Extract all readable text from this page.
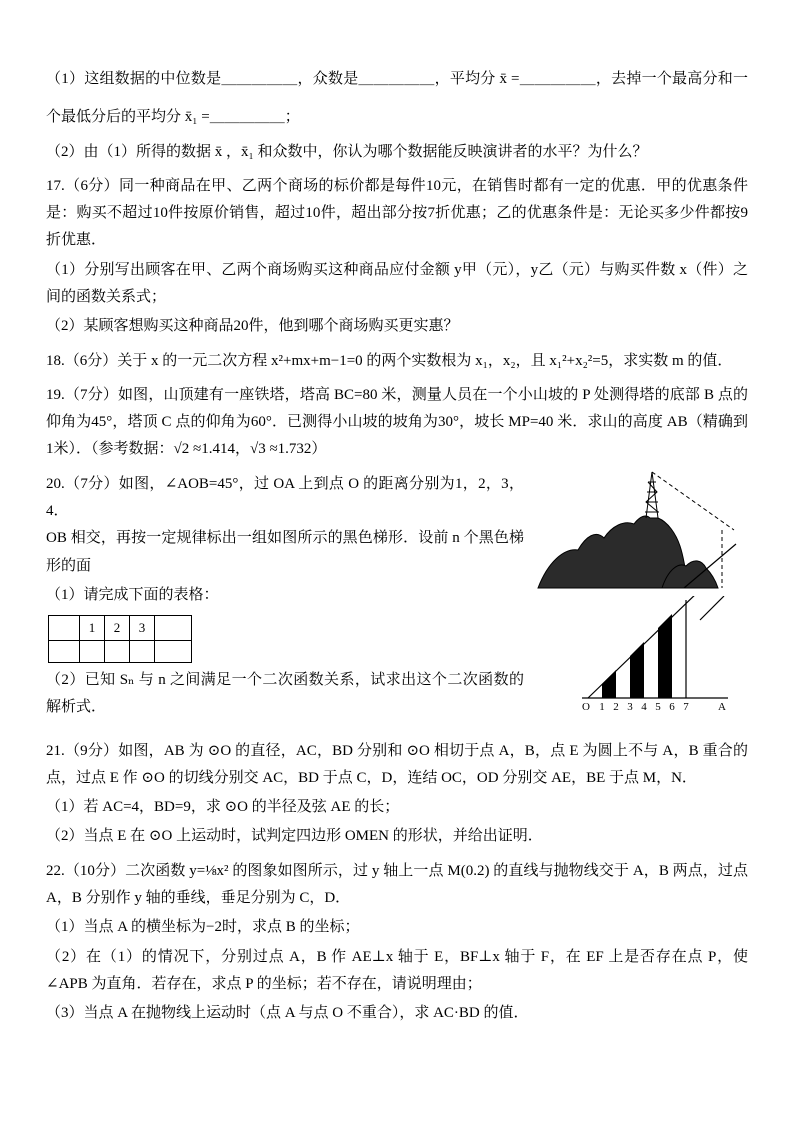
（1）这组数据的中位数是＿＿＿＿＿，众数是＿＿＿＿＿，平均分 x̄ =＿＿＿＿＿，去掉一个最高分和一个最低分后的平均分 x̄₁ =＿＿＿＿＿；

（2）由（1）所得的数据 x̄ ，x̄₁ 和众数中，你认为哪个数据能反映演讲者的水平？为什么？

17.（6分）同一种商品在甲、乙两个商场的标价都是每件10元，在销售时都有一定的优惠．甲的优惠条件是：购买不超过10件按原价销售，超过10件，超出部分按7折优惠；乙的优惠条件是：无论买多少件都按9折优惠．

（1）分别写出顾客在甲、乙两个商场购买这种商品应付金额 y甲（元），y乙（元）与购买件数 x（件）之间的函数关系式；

（2）某顾客想购买这种商品20件，他到哪个商场购买更实惠？

18.（6分）关于 x 的一元二次方程 x²+mx+m−1=0 的两个实数根为 x₁，x₂，且 x₁²+x₂²=5，求实数 m 的值．

19.（7分）如图，山顶建有一座铁塔，塔高 BC=80 米，测量人员在一个小山坡的 P 处测得塔的底部 B 点的仰角为45°，塔顶 C 点的仰角为60°．已测得小山坡的坡角为30°，坡长 MP=40 米．求山的高度 AB（精确到1米）．（参考数据：√2 ≈1.414，√3 ≈1.732）

O 1 2 3 4 5 6 7	A

20.（7分）如图，∠AOB=45°，过 OA 上到点 O 的距离分别为1，2，3，4．

OB 相交，再按一定规律标出一组如图所示的黑色梯形．设前 n 个黑色梯形的面

（1）请完成下面的表格：

	1	2	3	

（2）已知 Sₙ 与 n 之间满足一个二次函数关系，试求出这个二次函数的解析式．

21.（9分）如图，AB 为 ⊙O 的直径，AC，BD 分别和 ⊙O 相切于点 A，B，点 E 为圆上不与 A，B 重合的点，过点 E 作 ⊙O 的切线分别交 AC，BD 于点 C，D，连结 OC，OD 分别交 AE，BE 于点 M，N．

（1）若 AC=4，BD=9，求 ⊙O 的半径及弦 AE 的长；

（2）当点 E 在 ⊙O 上运动时，试判定四边形 OMEN 的形状，并给出证明．

22.（10分）二次函数 y=⅛x² 的图象如图所示，过 y 轴上一点 M(0.2) 的直线与抛物线交于 A，B 两点，过点 A，B 分别作 y 轴的垂线，垂足分别为 C，D．

（1）当点 A 的横坐标为−2时，求点 B 的坐标；

（2）在（1）的情况下，分别过点 A，B 作 AE⊥x 轴于 E，BF⊥x 轴于 F，在 EF 上是否存在点 P，使 ∠APB 为直角．若存在，求点 P 的坐标；若不存在，请说明理由；

（3）当点 A 在抛物线上运动时（点 A 与点 O 不重合），求 AC·BD 的值．
